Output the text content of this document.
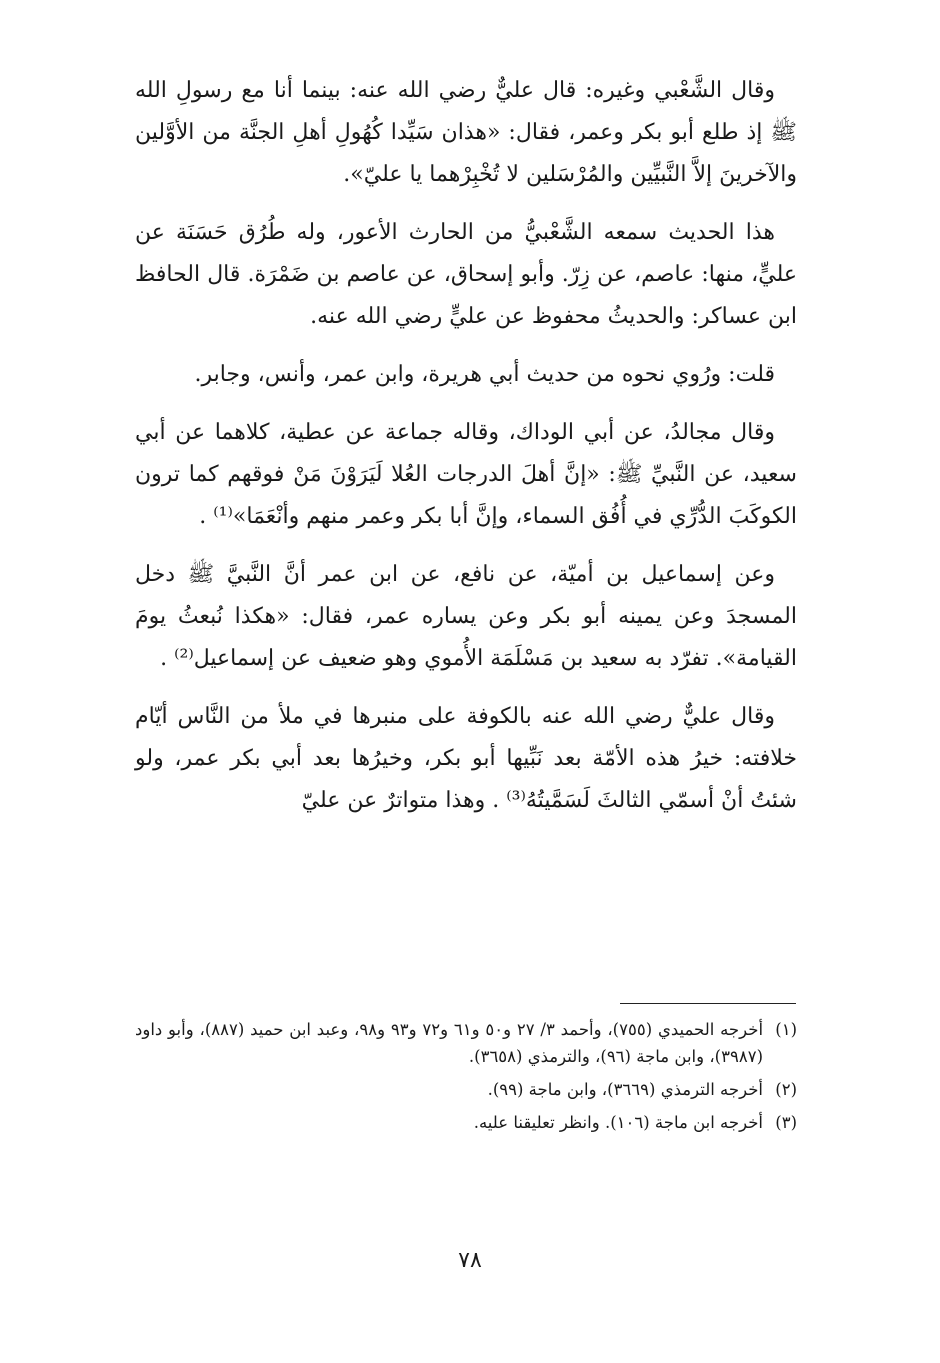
وقال الشَّعْبي وغيره: قال عليٌّ رضي الله عنه: بينما أنا مع رسولِ الله ﷺ إذ طلع أبو بكر وعمر، فقال: «هذان سَيِّدا كُهُولِ أهلِ الجنَّة من الأوَّلين والآخرينَ إلاَّ النَّبيِّين والمُرْسَلين لا تُخْبِرْهما يا عليّ».

هذا الحديث سمعه الشَّعْبيُّ من الحارث الأعور، وله طُرُق حَسَنَة عن عليٍّ، منها: عاصم، عن زِرّ. وأبو إسحاق، عن عاصم بن ضَمْرَة. قال الحافظ ابن عساكر: والحديثُ محفوظ عن عليٍّ رضي الله عنه.

قلت: ورُوي نحوه من حديث أبي هريرة، وابن عمر، وأنس، وجابر.

وقال مجالدُ، عن أبي الوداك، وقاله جماعة عن عطية، كلاهما عن أبي سعيد، عن النَّبيِّ ﷺ: «إنَّ أهلَ الدرجات العُلا لَيَرَوْنَ مَنْ فوقهم كما ترون الكوكَبَ الدُّرِّي في أُفُق السماء، وإنَّ أبا بكر وعمر منهم وأنْعَمَا»⁽¹⁾ .

وعن إسماعيل بن أميّة، عن نافع، عن ابن عمر أنَّ النَّبيَّ ﷺ دخل المسجدَ وعن يمينه أبو بكر وعن يساره عمر، فقال: «هكذا نُبعثُ يومَ القيامة». تفرّد به سعيد بن مَسْلَمَة الأُموي وهو ضعيف عن إسماعيل⁽²⁾ .

وقال عليٌّ رضي الله عنه بالكوفة على منبرها في ملأ من النَّاس أيّام خلافته: خيرُ هذه الأمّة بعد نَبِّيها أبو بكر، وخيرُها بعد أبي بكر عمر، ولو شئتُ أنْ أسمّي الثالثَ لَسَمَّيتُهُ⁽³⁾ . وهذا متواترٌ عن عليّ

(١)
أخرجه الحميدي (٧٥٥)، وأحمد ٣/ ٢٧ و٥٠ و٦١ و٧٢ و٩٣ و٩٨، وعبد ابن حميد (٨٨٧)، وأبو داود (٣٩٨٧)، وابن ماجة (٩٦)، والترمذي (٣٦٥٨).
(٢)
أخرجه الترمذي (٣٦٦٩)، وابن ماجة (٩٩).
(٣)
أخرجه ابن ماجة (١٠٦). وانظر تعليقنا عليه.
٧٨
